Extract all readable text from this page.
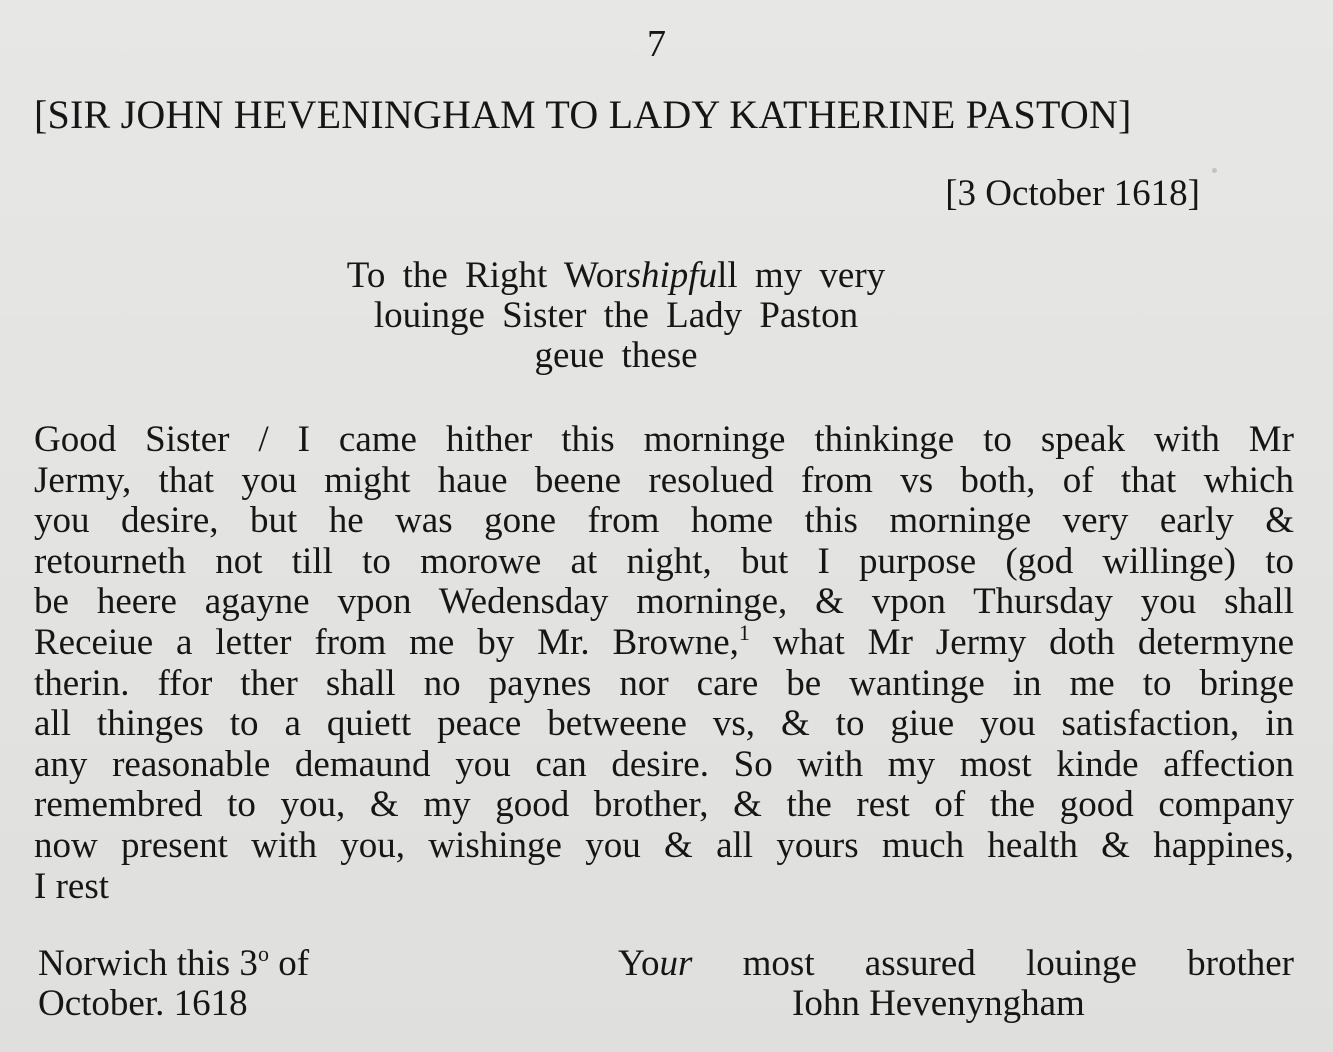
7
[SIR JOHN HEVENINGHAM TO LADY KATHERINE PASTON]
[3 October 1618]
To the Right Worshipfull my very
louinge Sister the Lady Paston
geue these
Good Sister / I came hither this morninge thinkinge to speak with Mr
Jermy, that you might haue beene resolued from vs both, of that which
you desire, but he was gone from home this morninge very early &
retourneth not till to morowe at night, but I purpose (god willinge) to
be heere agayne vpon Wedensday morninge, & vpon Thursday you shall
Receiue a letter from me by Mr. Browne,$^1$ what Mr Jermy doth determyne
therin. ffor ther shall no paynes nor care be wantinge in me to bringe
all thinges to a quiett peace betweene vs, & to giue you satisfaction, in
any reasonable demaund you can desire. So with my most kinde affection
remembred to you, & my good brother, & the rest of the good company
now present with you, wishinge you & all yours much health & happines,
I rest
Norwich this 3$^o$ of
October. 1618
Your most assured louinge brother
Iohn Hevenyngham
